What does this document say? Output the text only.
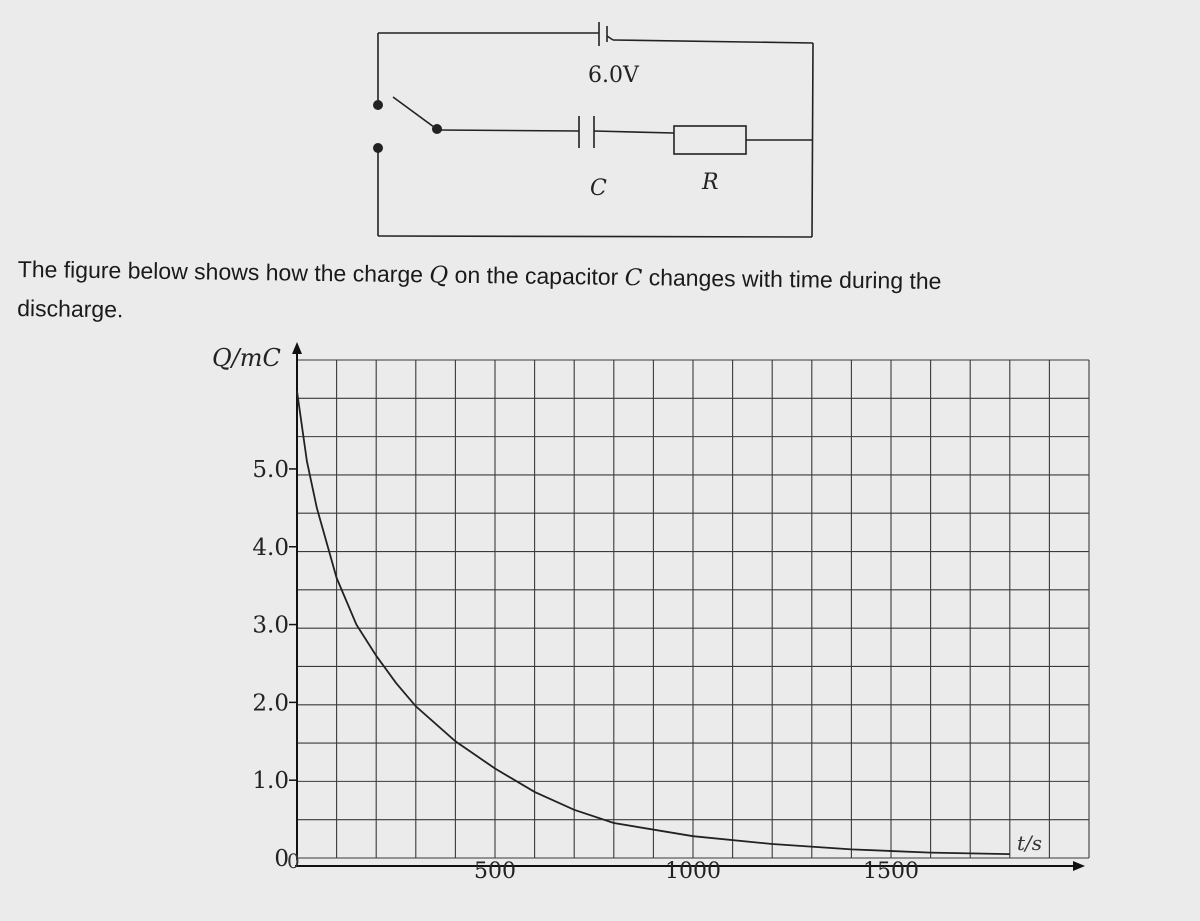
6.0V
C	R
The figure below shows how the charge Q on the capacitor C changes with time during the
discharge.
0
1.0
2.0
3.0
4.0
5.0
500	1000	1500
0
Q/mC
t/s
